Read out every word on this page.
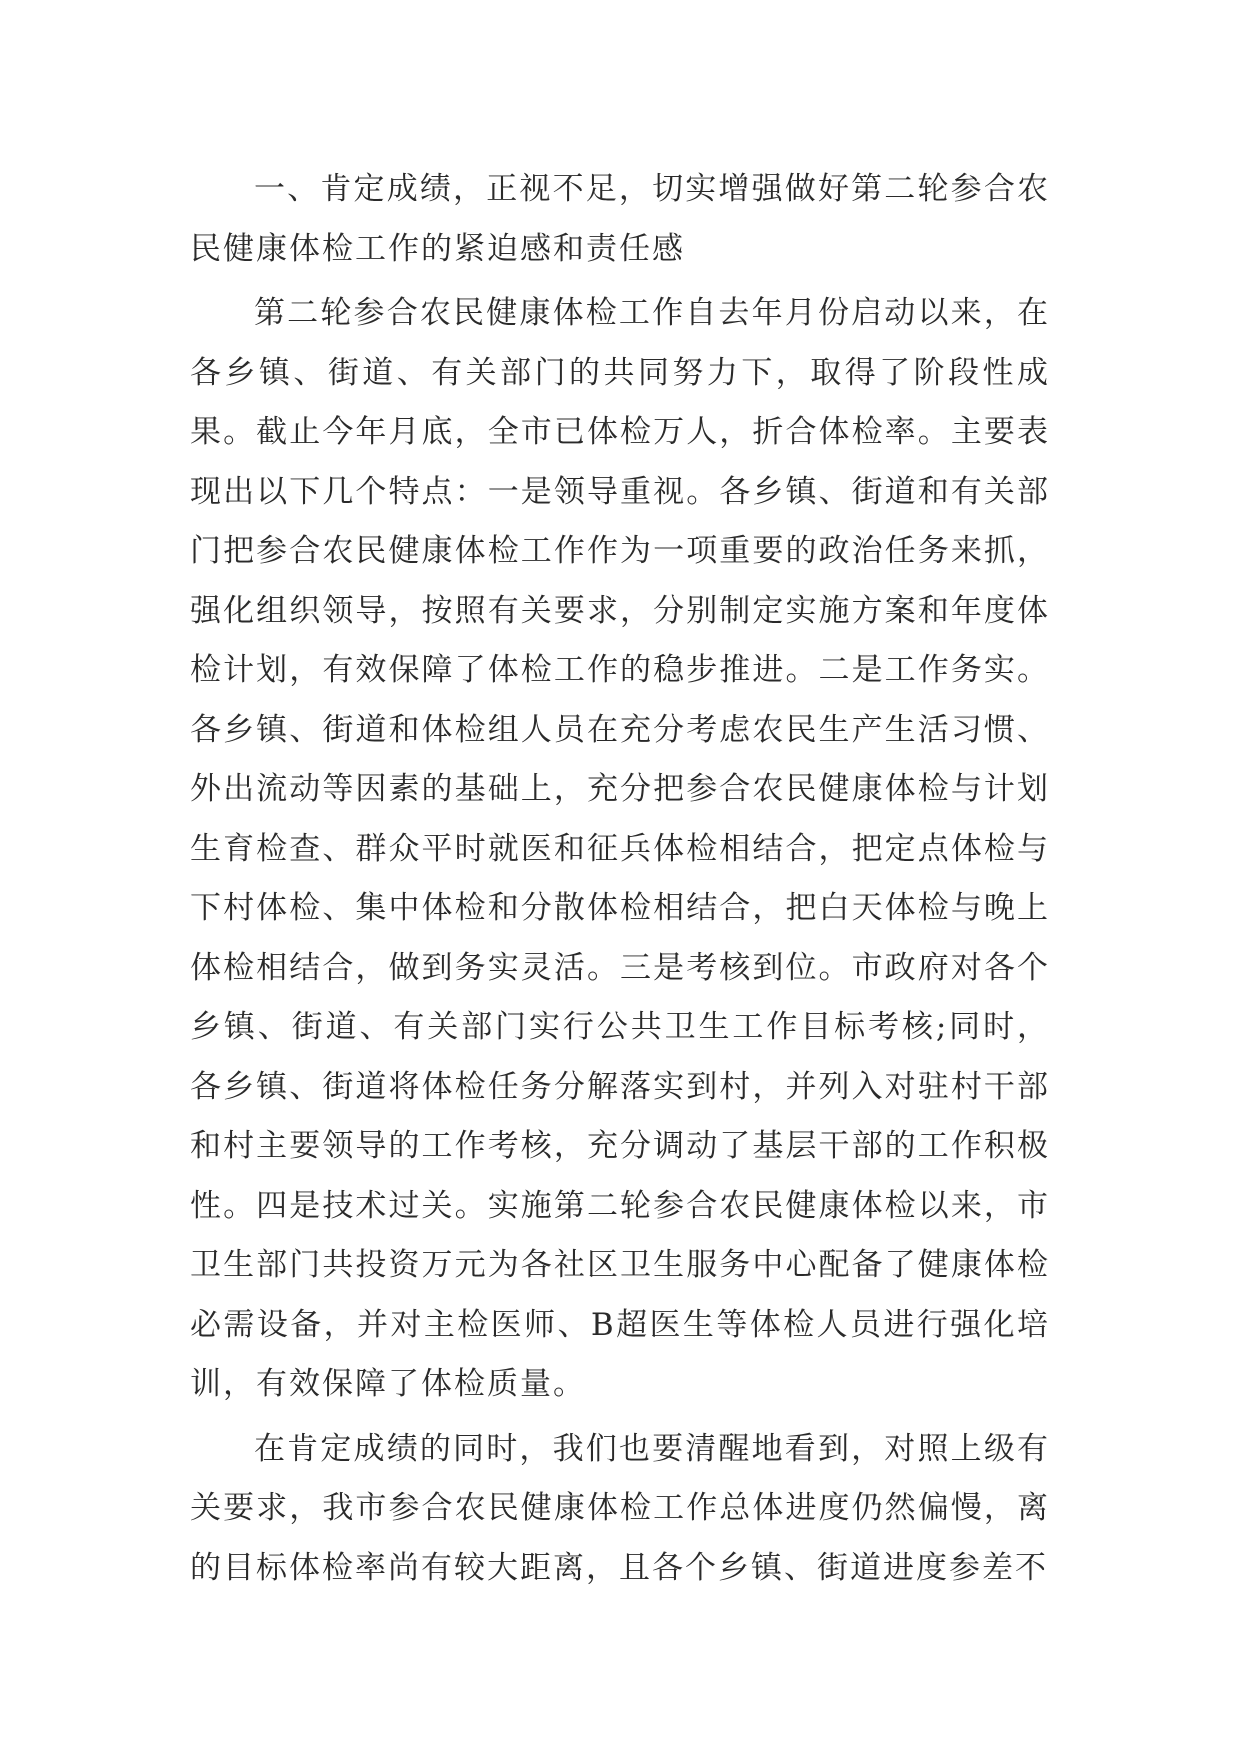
一、肯定成绩，正视不足，切实增强做好第二轮参合农民健康体检工作的紧迫感和责任感

第二轮参合农民健康体检工作自去年月份启动以来，在各乡镇、街道、有关部门的共同努力下，取得了阶段性成果。截止今年月底，全市已体检万人，折合体检率。主要表现出以下几个特点：一是领导重视。各乡镇、街道和有关部门把参合农民健康体检工作作为一项重要的政治任务来抓，强化组织领导，按照有关要求，分别制定实施方案和年度体检计划，有效保障了体检工作的稳步推进。二是工作务实。各乡镇、街道和体检组人员在充分考虑农民生产生活习惯、外出流动等因素的基础上，充分把参合农民健康体检与计划生育检查、群众平时就医和征兵体检相结合，把定点体检与下村体检、集中体检和分散体检相结合，把白天体检与晚上体检相结合，做到务实灵活。三是考核到位。市政府对各个乡镇、街道、有关部门实行公共卫生工作目标考核;同时，各乡镇、街道将体检任务分解落实到村，并列入对驻村干部和村主要领导的工作考核，充分调动了基层干部的工作积极性。四是技术过关。实施第二轮参合农民健康体检以来，市卫生部门共投资万元为各社区卫生服务中心配备了健康体检必需设备，并对主检医师、B超医生等体检人员进行强化培训，有效保障了体检质量。

在肯定成绩的同时，我们也要清醒地看到，对照上级有关要求，我市参合农民健康体检工作总体进度仍然偏慢，离的目标体检率尚有较大距离，且各个乡镇、街道进度参差不
